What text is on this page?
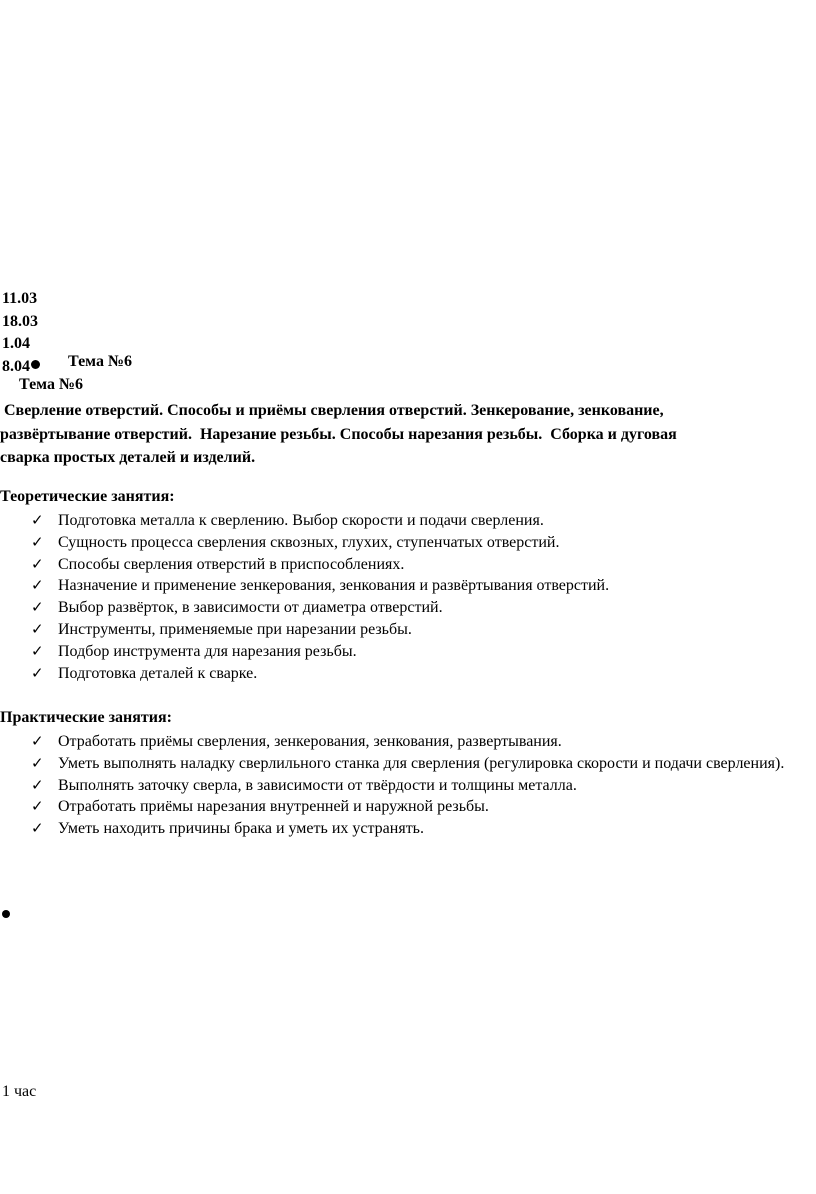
11.03
18.03
1.04
8.04	Тема №6
Тема №6
Сверление отверстий. Способы и приёмы сверления отверстий. Зенкерование, зенкование,
развёртывание отверстий.  Нарезание резьбы. Способы нарезания резьбы.  Сборка и дуговая
сварка простых деталей и изделий.
Теоретические занятия:
✓ Подготовка металла к сверлению. Выбор скорости и подачи сверления.
✓ Сущность процесса сверления сквозных, глухих, ступенчатых отверстий.
✓ Способы сверления отверстий в приспособлениях.
✓ Назначение и применение зенкерования, зенкования и развёртывания отверстий.
✓ Выбор развёрток, в зависимости от диаметра отверстий.
✓ Инструменты, применяемые при нарезании резьбы.
✓ Подбор инструмента для нарезания резьбы.
✓ Подготовка деталей к сварке.
Практические занятия:
✓ Отработать приёмы сверления, зенкерования, зенкования, развертывания.
✓ Уметь выполнять наладку сверлильного станка для сверления (регулировка скорости и подачи сверления).
✓ Выполнять заточку сверла, в зависимости от твёрдости и толщины металла.
✓ Отработать приёмы нарезания внутренней и наружной резьбы.
✓ Уметь находить причины брака и уметь их устранять.
1 час
